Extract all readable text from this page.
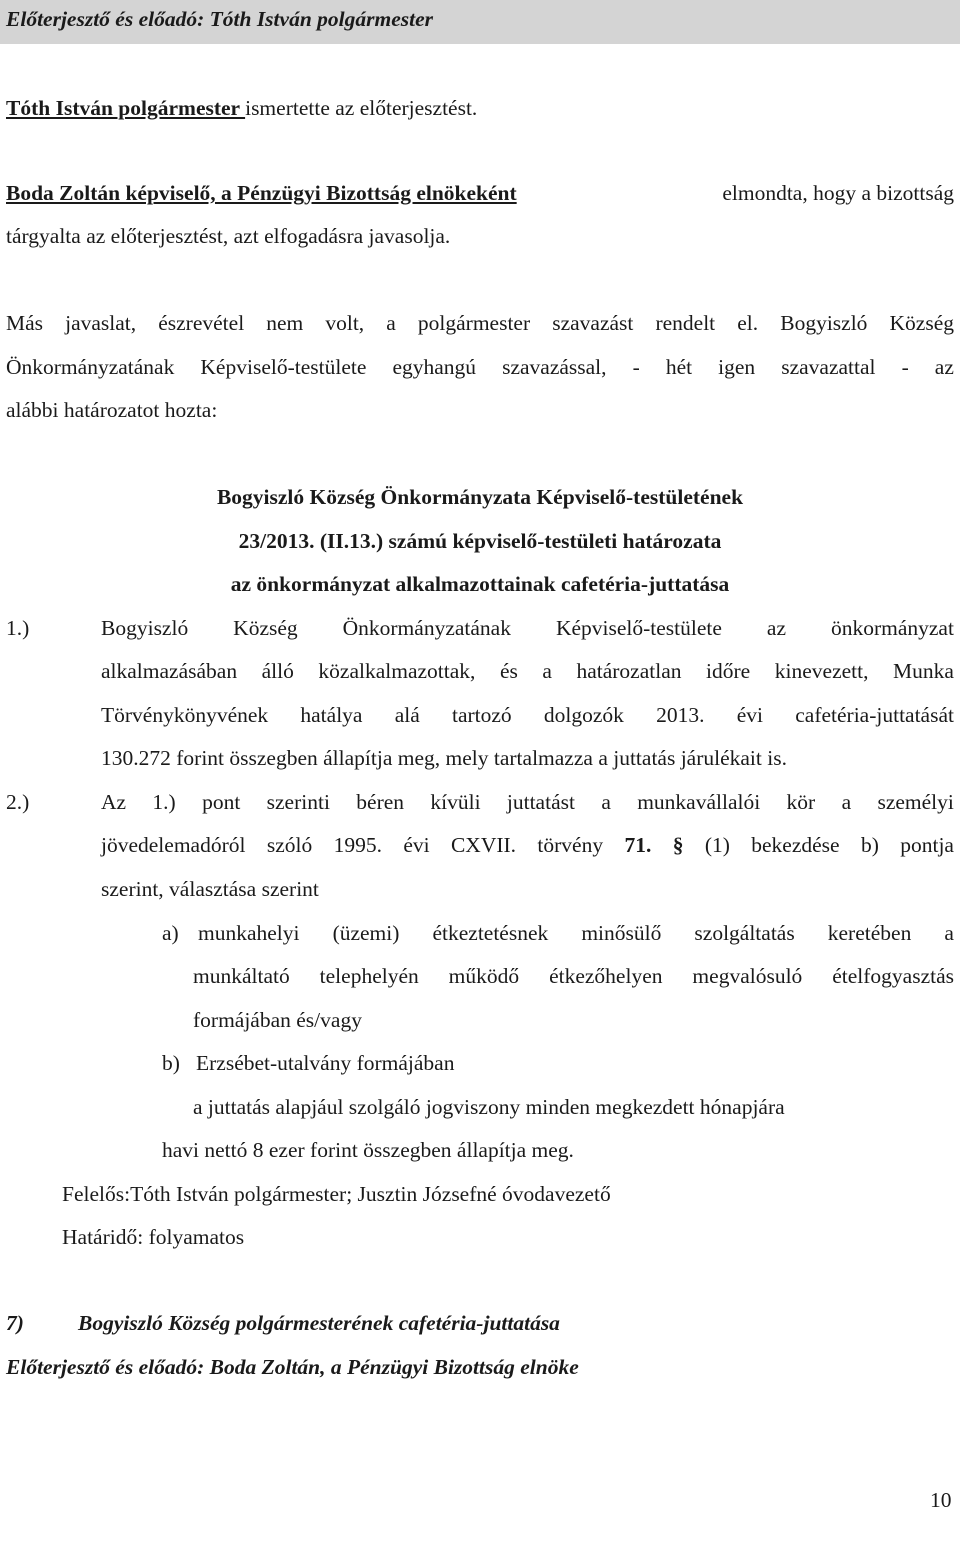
Előterjesztő és előadó: Tóth István polgármester
Tóth István polgármester ismertette az előterjesztést.
Boda Zoltán képviselő, a Pénzügyi Bizottság elnökeként	elmondta, hogy a bizottság
tárgyalta az előterjesztést, azt elfogadásra javasolja.
Más javaslat, észrevétel nem volt, a polgármester szavazást rendelt el. Bogyiszló Község
Önkormányzatának Képviselő-testülete egyhangú szavazással, - hét igen szavazattal - az
alábbi határozatot hozta:
Bogyiszló Község Önkormányzata Képviselő-testületének
23/2013. (II.13.) számú képviselő-testületi határozata
az önkormányzat alkalmazottainak cafetéria-juttatása
1.)	Bogyiszló Község Önkormányzatának Képviselő-testülete az önkormányzat
alkalmazásában álló közalkalmazottak, és a határozatlan időre kinevezett, Munka
Törvénykönyvének hatálya alá tartozó dolgozók 2013. évi cafetéria-juttatását
130.272 forint összegben állapítja meg, mely tartalmazza a juttatás járulékait is.
2.)	Az 1.) pont szerinti béren kívüli juttatást a munkavállalói kör a személyi
jövedelemadóról szóló 1995. évi CXVII. törvény 71. § (1) bekezdése b) pontja
szerint, választása szerint
a) munkahelyi (üzemi) étkeztetésnek minősülő szolgáltatás keretében a
munkáltató telephelyén működő étkezőhelyen megvalósuló ételfogyasztás
formájában és/vagy
b) Erzsébet-utalvány formájában
a juttatás alapjául szolgáló jogviszony minden megkezdett hónapjára
havi nettó 8 ezer forint összegben állapítja meg.
Felelős:Tóth István polgármester; Jusztin Józsefné óvodavezető
Határidő: folyamatos
7)	Bogyiszló Község polgármesterének cafetéria-juttatása
Előterjesztő és előadó: Boda Zoltán, a Pénzügyi Bizottság elnöke
10
